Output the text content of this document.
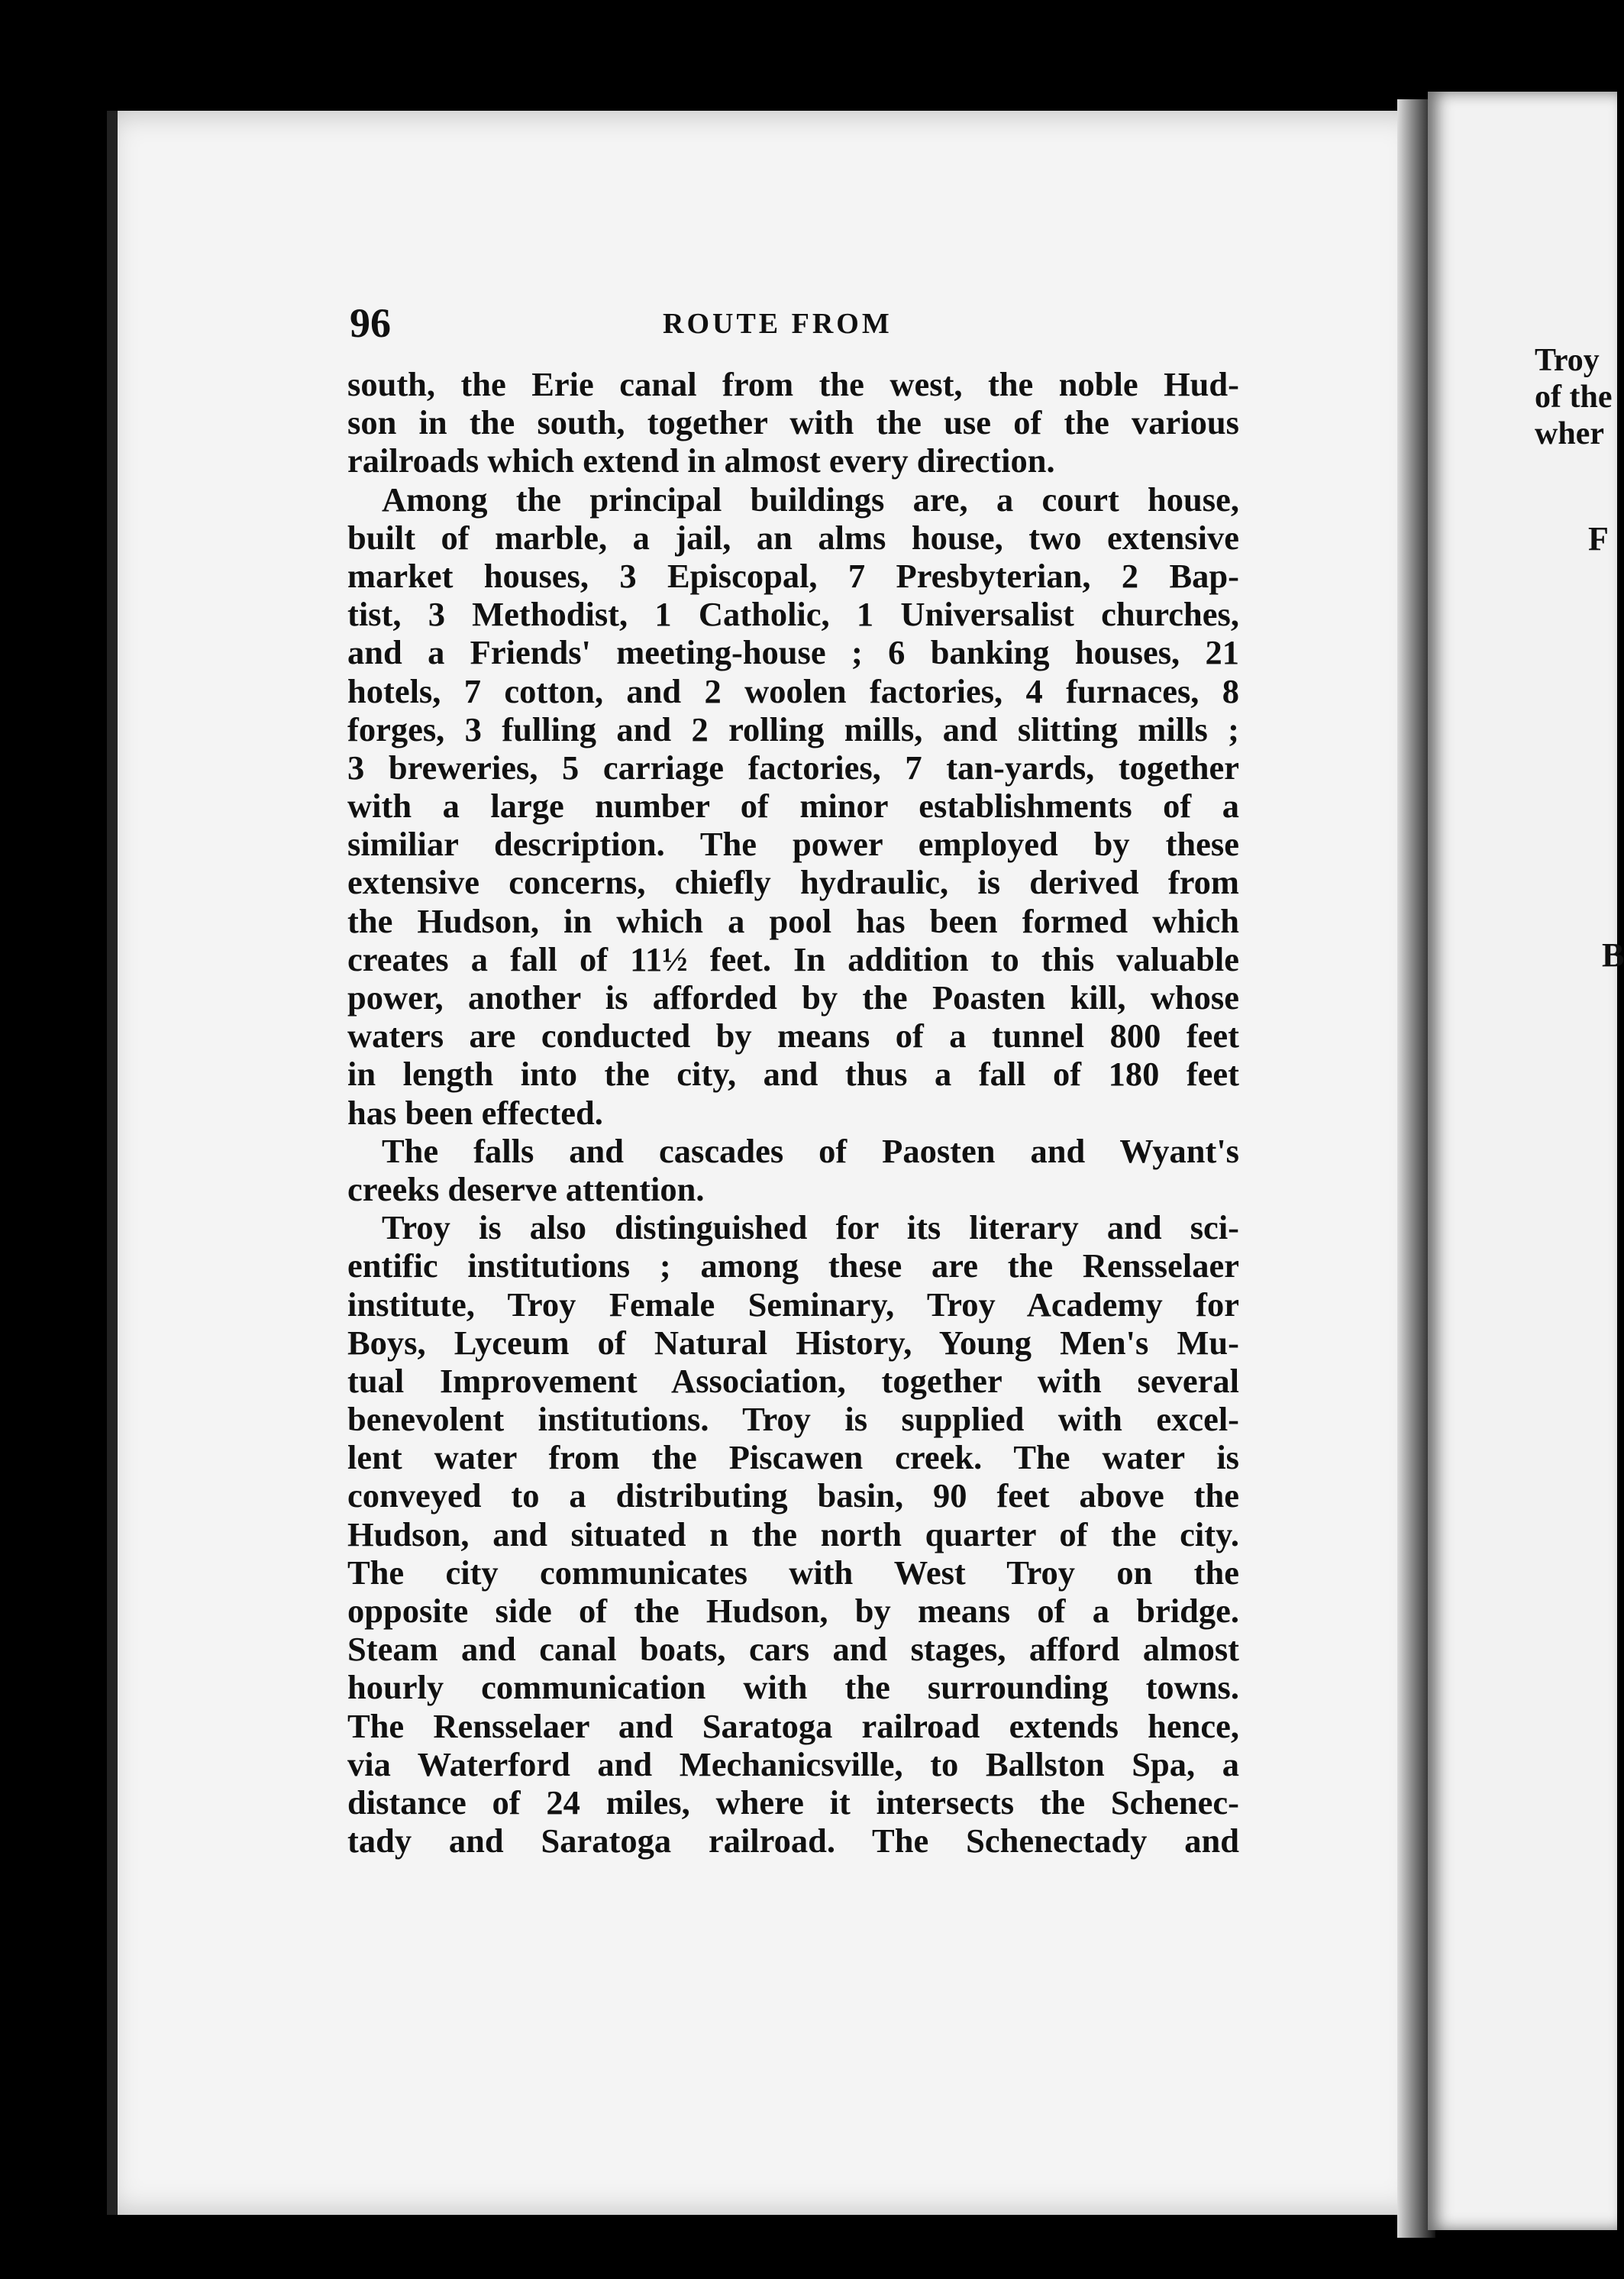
96	ROUTE FROM
south, the Erie canal from the west, the noble Hud-
son in the south, together with the use of the various
railroads which extend in almost every direction.
Among the principal buildings are, a court house,
built of marble, a jail, an alms house, two extensive
market houses, 3 Episcopal, 7 Presbyterian, 2 Bap-
tist, 3 Methodist, 1 Catholic, 1 Universalist churches,
and a Friends' meeting-house ; 6 banking houses, 21
hotels, 7 cotton, and 2 woolen factories, 4 furnaces, 8
forges, 3 fulling and 2 rolling mills, and slitting mills ;
3 breweries, 5 carriage factories, 7 tan-yards, together
with a large number of minor establishments of a
similiar description. The power employed by these
extensive concerns, chiefly hydraulic, is derived from
the Hudson, in which a pool has been formed which
creates a fall of 11½ feet. In addition to this valuable
power, another is afforded by the Poasten kill, whose
waters are conducted by means of a tunnel 800 feet
in length into the city, and thus a fall of 180 feet
has been effected.
The falls and cascades of Paosten and Wyant's
creeks deserve attention.
Troy is also distinguished for its literary and sci-
entific institutions ; among these are the Rensselaer
institute, Troy Female Seminary, Troy Academy for
Boys, Lyceum of Natural History, Young Men's Mu-
tual Improvement Association, together with several
benevolent institutions. Troy is supplied with excel-
lent water from the Piscawen creek. The water is
conveyed to a distributing basin, 90 feet above the
Hudson, and situated n the north quarter of the city.
The city communicates with West Troy on the
opposite side of the Hudson, by means of a bridge.
Steam and canal boats, cars and stages, afford almost
hourly communication with the surrounding towns.
The Rensselaer and Saratoga railroad extends hence,
via Waterford and Mechanicsville, to Ballston Spa, a
distance of 24 miles, where it intersects the Schenec-
tady and Saratoga railroad. The Schenectady and
Troy
of the
wher
F
B
